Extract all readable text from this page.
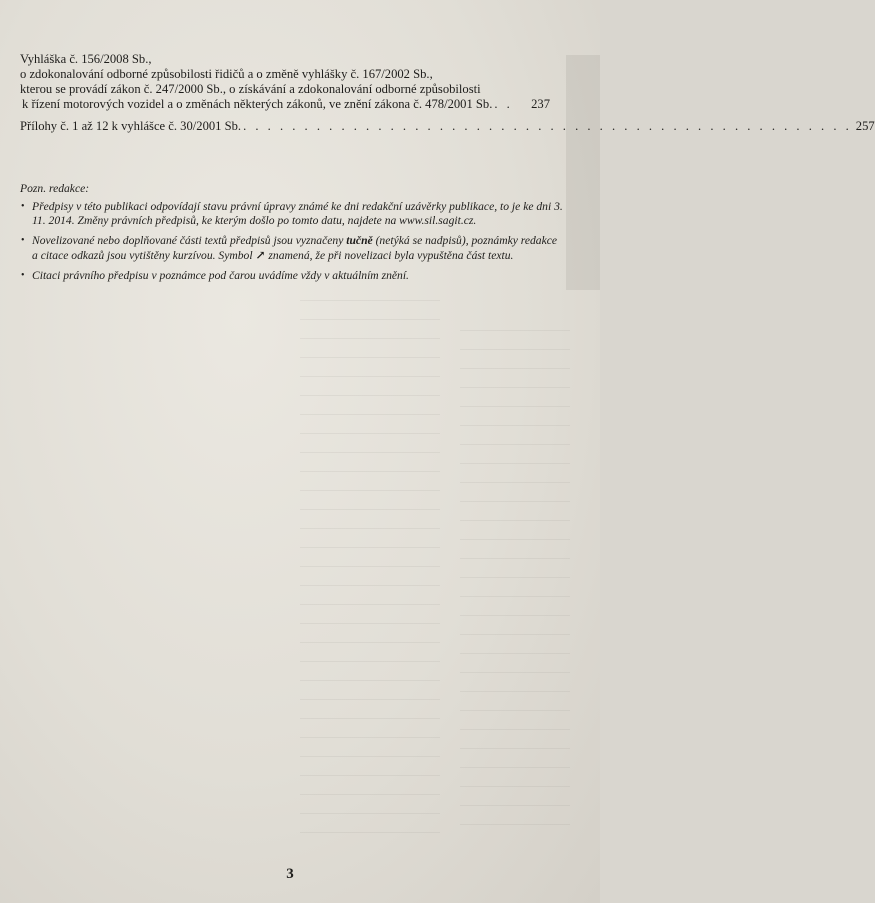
Vyhláška č. 156/2008 Sb.,
o zdokonalování odborné způsobilosti řidičů a o změně vyhlášky č. 167/2002 Sb.,
kterou se provádí zákon č. 247/2000 Sb., o získávání a zdokonalování odborné způsobilosti
k řízení motorových vozidel a o změnách některých zákonů, ve znění zákona č. 478/2001 Sb. . .	237
Přílohy č. 1 až 12 k vyhlášce č. 30/2001 Sb. . . . . . . . . . . . . . . . . . . . . . . . . . . . . . . . . . . . . . . . . . . . . . . . . . . 257
Pozn. redakce:
• Předpisy v této publikaci odpovídají stavu právní úpravy známé ke dni redakční uzávěrky publikace, to je ke dni 3. 11. 2014. Změny právních předpisů, ke kterým došlo po tomto datu, najdete na www.sil.sagit.cz.
• Novelizované nebo doplňované části textů předpisů jsou vyznačeny tučně (netýká se nadpisů), poznámky redakce a citace odkazů jsou vytištěny kurzívou. Symbol ↗ znamená, že při novelizaci byla vypuštěna část textu.
• Citaci právního předpisu v poznámce pod čarou uvádíme vždy v aktuálním znění.
3
